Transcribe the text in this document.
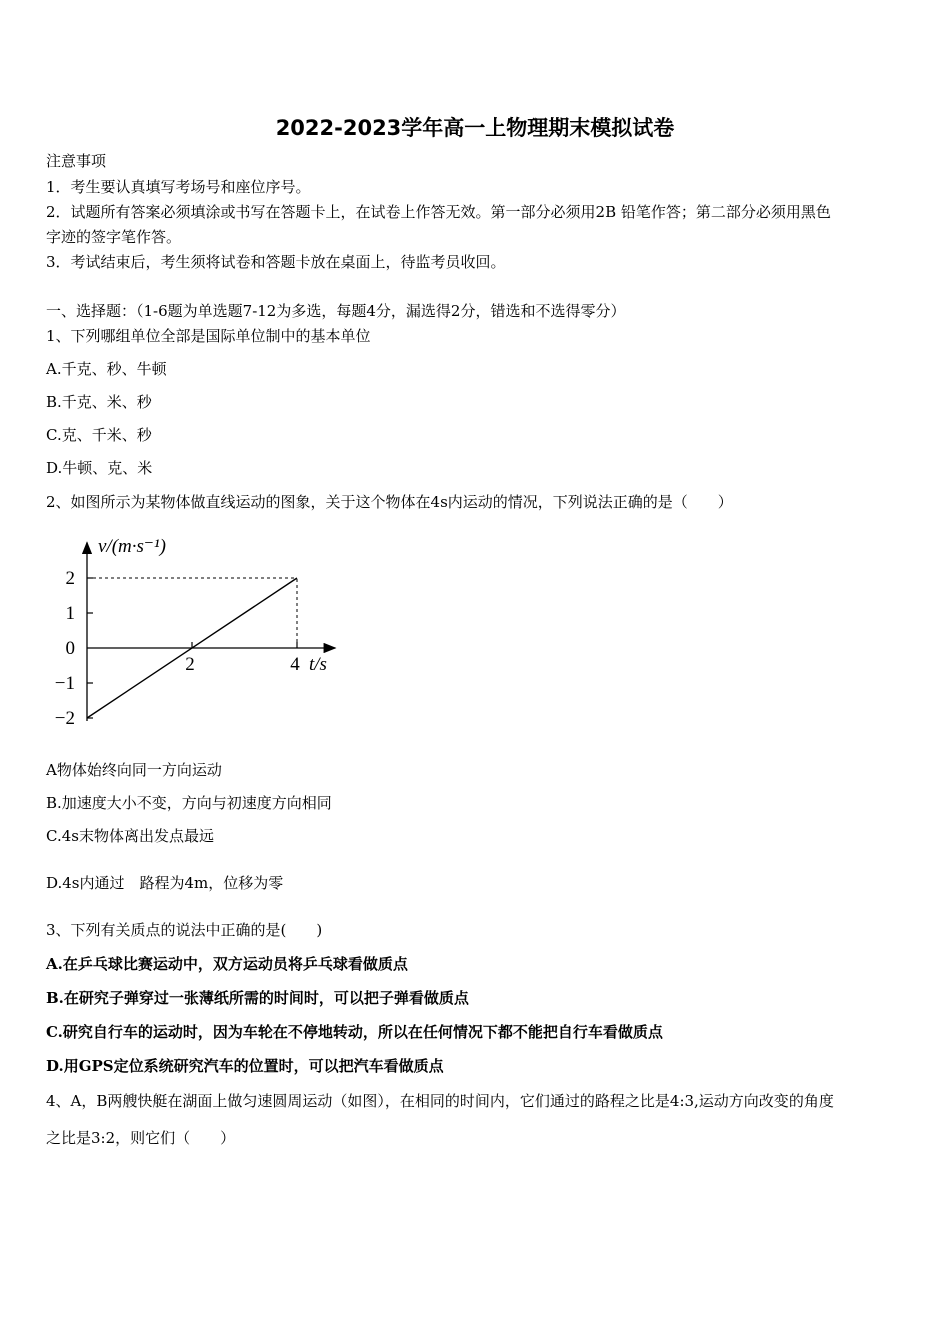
2022-2023学年高一上物理期末模拟试卷
注意事项
1．考生要认真填写考场号和座位序号。
2．试题所有答案必须填涂或书写在答题卡上，在试卷上作答无效。第一部分必须用2B 铅笔作答；第二部分必须用黑色
字迹的签字笔作答。
3．考试结束后，考生须将试卷和答题卡放在桌面上，待监考员收回。
一、选择题：（1-6题为单选题7-12为多选，每题4分，漏选得2分，错选和不选得零分）
1、下列哪组单位全部是国际单位制中的基本单位
A.千克、秒、牛顿
B.千克、米、秒
C.克、千米、秒
D.牛顿、克、米
2、如图所示为某物体做直线运动的图象，关于这个物体在4s内运动的情况，下列说法正确的是（　　）
2
1
0
−1
−2
2	4
v/(m·s⁻¹)
t/s
A物体始终向同一方向运动
B.加速度大小不变，方向与初速度方向相同
C.4s末物体离出发点最远
D.4s内通过　路程为4m，位移为零
3、下列有关质点的说法中正确的是(　　)
A.在乒乓球比赛运动中，双方运动员将乒乓球看做质点
B.在研究子弹穿过一张薄纸所需的时间时，可以把子弹看做质点
C.研究自行车的运动时，因为车轮在不停地转动，所以在任何情况下都不能把自行车看做质点
D.用GPS定位系统研究汽车的位置时，可以把汽车看做质点
4、A，B两艘快艇在湖面上做匀速圆周运动（如图），在相同的时间内，它们通过的路程之比是4:3,运动方向改变的角度
之比是3:2，则它们（　　）
